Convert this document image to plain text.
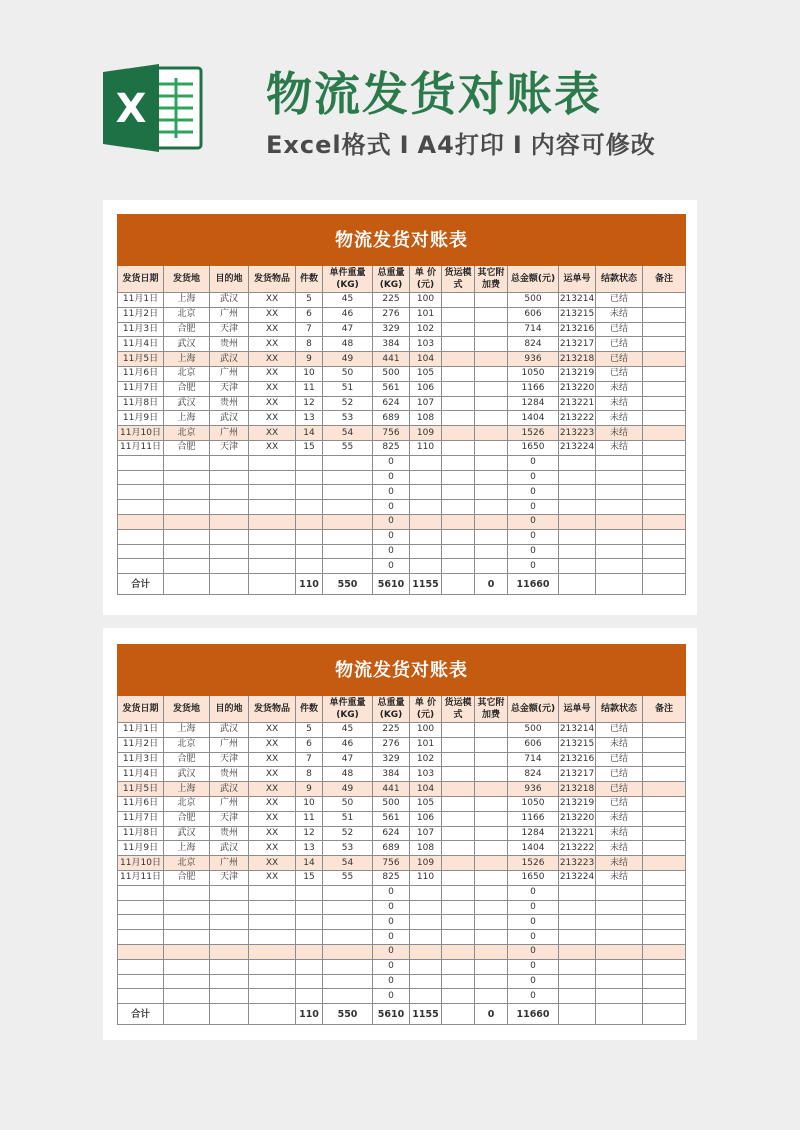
X	物流发货对账表
Excel格式 I A4打印 I 内容可修改
物流发货对账表													
发货日期	发货地	目的地	发货物品	件数	单件重量(KG)	总重量(KG)	单 价(元)	货运模式	其它附加费	总金额(元)	运单号	结款状态	备注
11月1日	上海	武汉	XX	5	45	225	100			500	213214	已结	
11月2日	北京	广州	XX	6	46	276	101			606	213215	未结	
11月3日	合肥	天津	XX	7	47	329	102			714	213216	已结	
11月4日	武汉	贵州	XX	8	48	384	103			824	213217	已结	
11月5日	上海	武汉	XX	9	49	441	104			936	213218	已结	
11月6日	北京	广州	XX	10	50	500	105			1050	213219	已结	
11月7日	合肥	天津	XX	11	51	561	106			1166	213220	未结	
11月8日	武汉	贵州	XX	12	52	624	107			1284	213221	未结	
11月9日	上海	武汉	XX	13	53	689	108			1404	213222	未结	
11月10日	北京	广州	XX	14	54	756	109			1526	213223	未结	
11月11日	合肥	天津	XX	15	55	825	110			1650	213224	未结	
						0				0			
						0				0			
						0				0			
						0				0			
						0				0			
						0				0			
						0				0			
						0				0			
合计				110	550	5610	1155		0	11660			
物流发货对账表													
发货日期	发货地	目的地	发货物品	件数	单件重量(KG)	总重量(KG)	单 价(元)	货运模式	其它附加费	总金额(元)	运单号	结款状态	备注
11月1日	上海	武汉	XX	5	45	225	100			500	213214	已结	
11月2日	北京	广州	XX	6	46	276	101			606	213215	未结	
11月3日	合肥	天津	XX	7	47	329	102			714	213216	已结	
11月4日	武汉	贵州	XX	8	48	384	103			824	213217	已结	
11月5日	上海	武汉	XX	9	49	441	104			936	213218	已结	
11月6日	北京	广州	XX	10	50	500	105			1050	213219	已结	
11月7日	合肥	天津	XX	11	51	561	106			1166	213220	未结	
11月8日	武汉	贵州	XX	12	52	624	107			1284	213221	未结	
11月9日	上海	武汉	XX	13	53	689	108			1404	213222	未结	
11月10日	北京	广州	XX	14	54	756	109			1526	213223	未结	
11月11日	合肥	天津	XX	15	55	825	110			1650	213224	未结	
						0				0			
						0				0			
						0				0			
						0				0			
						0				0			
						0				0			
						0				0			
						0				0			
合计				110	550	5610	1155		0	11660			
